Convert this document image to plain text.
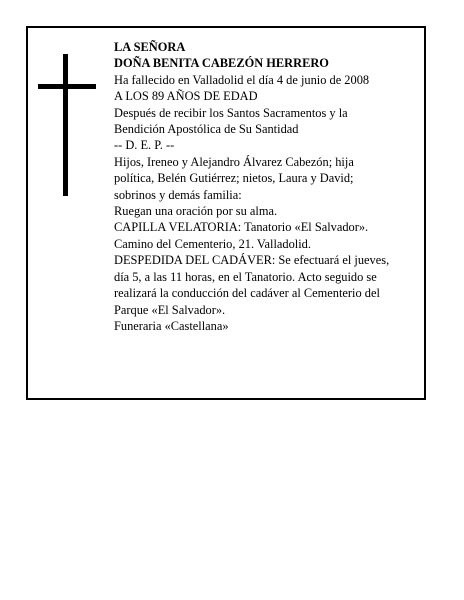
LA SEÑORA
DOÑA BENITA CABEZÓN HERRERO
Ha fallecido en Valladolid el día 4 de junio de 2008
A LOS 89 AÑOS DE EDAD
Después de recibir los Santos Sacramentos y la
Bendición Apostólica de Su Santidad
-- D. E. P. --
Hijos, Ireneo y Alejandro Álvarez Cabezón; hija
política, Belén Gutiérrez; nietos, Laura y David;
sobrinos y demás familia:
Ruegan una oración por su alma.
CAPILLA VELATORIA: Tanatorio «El Salvador».
Camino del Cementerio, 21. Valladolid.
DESPEDIDA DEL CADÁVER: Se efectuará el jueves,
día 5, a las 11 horas, en el Tanatorio. Acto seguido se
realizará la conducción del cadáver al Cementerio del
Parque «El Salvador».
Funeraria «Castellana»
